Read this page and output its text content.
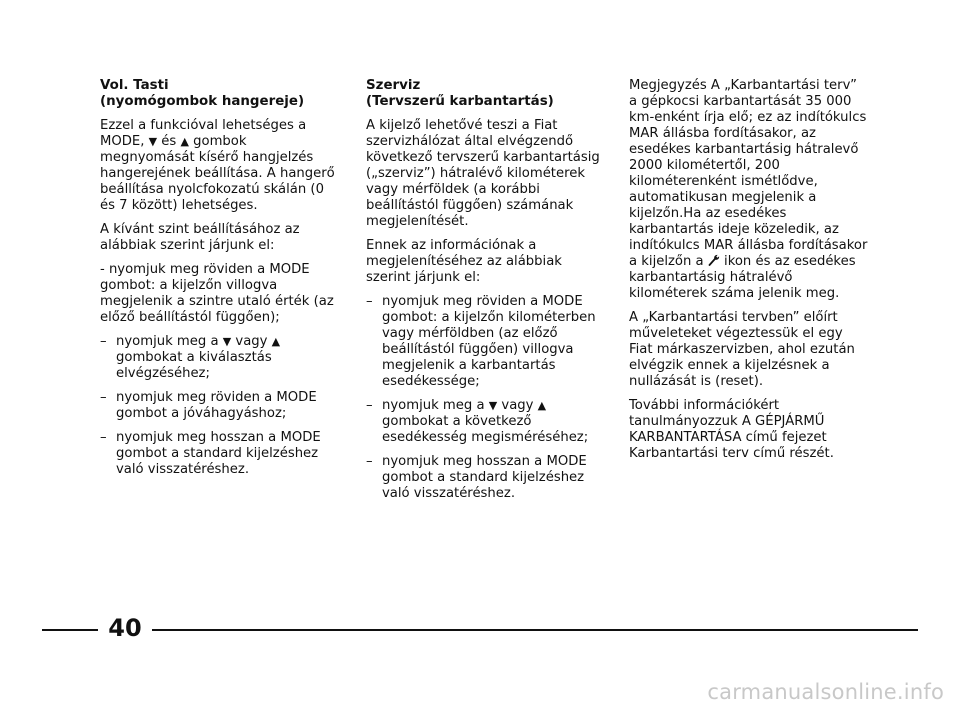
Vol. Tasti
(nyomógombok hangereje)

Ezzel a funkcióval lehetséges a MODE, ▼ és ▲ gombok megnyomását kísérő hangjelzés hangerejének beállítása. A hangerő beállítása nyolcfokozatú skálán (0 és 7 között) lehetséges.

A kívánt szint beállításához az alábbiak szerint járjunk el:

- nyomjuk meg röviden a MODE gombot: a kijelzőn villogva megjelenik a szintre utaló érték (az előző beállítástól függően);

– nyomjuk meg a ▼ vagy ▲ gombokat a kiválasztás elvégzéséhez;
– nyomjuk meg röviden a MODE gombot a jóváhagyáshoz;
– nyomjuk meg hosszan a MODE gombot a standard kijelzéshez való visszatéréshez.
Szerviz
(Tervszerű karbantartás)

A kijelző lehetővé teszi a Fiat szervizhálózat által elvégzendő következő tervszerű karbantartásig („szerviz”) hátralévő kilométerek vagy mérföldek (a korábbi beállítástól függően) számának megjelenítését.

Ennek az információnak a megjelenítéséhez az alábbiak szerint járjunk el:

– nyomjuk meg röviden a MODE gombot: a kijelzőn kilométerben vagy mérföldben (az előző beállítástól függően) villogva megjelenik a karbantartás esedékessége;
– nyomjuk meg a ▼ vagy ▲ gombokat a következő esedékesség megisméréséhez;
– nyomjuk meg hosszan a MODE gombot a standard kijelzéshez való visszatéréshez.

Megjegyzés A „Karbantartási terv” a gépkocsi karbantartását 35 000 km-enként írja elő; ez az indítókulcs MAR állásba fordításakor, az esedékes karbantartásig hátralevő 2000 kilométertől, 200 kilométerenként ismétlődve, automatikusan megjelenik a kijelzőn.Ha az esedékes karbantartás ideje közeledik, az indítókulcs MAR állásba fordításakor a kijelzőn a  ikon és az esedékes karbantartásig hátralévő kilométerek száma jelenik meg.

A „Karbantartási tervben” előírt műveleteket végeztessük el egy Fiat márkaszervizben, ahol ezután elvégzik ennek a kijelzésnek a nullázását is (reset).

További információkért tanulmányozzuk A GÉPJÁRMŰ KARBANTARTÁSA című fejezet Karbantartási terv című részét.

40
carmanualsonline.info
